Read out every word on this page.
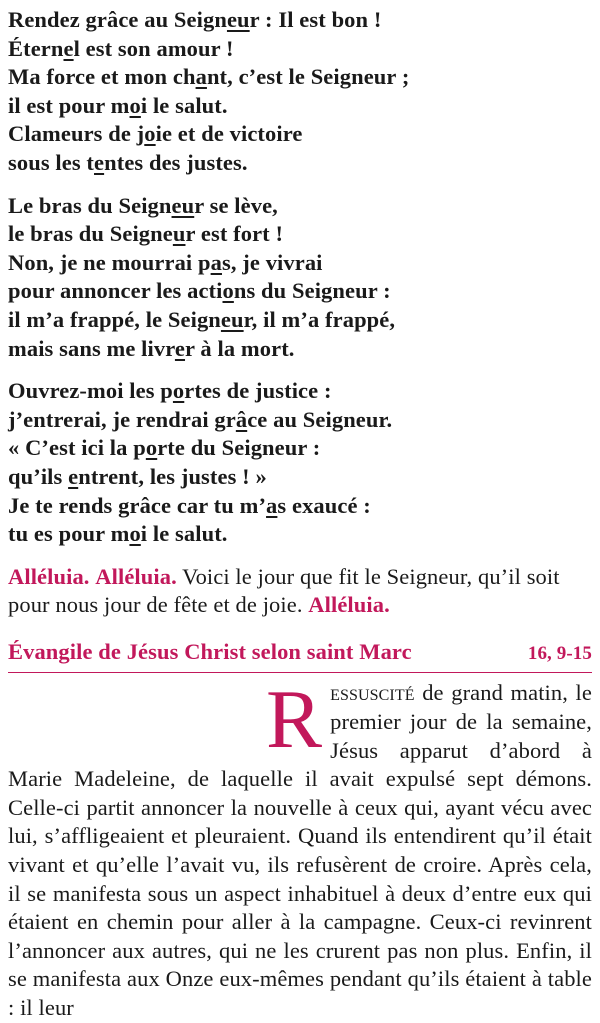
Rendez grâce au Seigneur : Il est bon !
Éternel est son amour !
Ma force et mon chant, c’est le Seigneur ;
il est pour moi le salut.
Clameurs de joie et de victoire
sous les tentes des justes.
Le bras du Seigneur se lève,
le bras du Seigneur est fort !
Non, je ne mourrai pas, je vivrai
pour annoncer les actions du Seigneur :
il m’a frappé, le Seigneur, il m’a frappé,
mais sans me livrer à la mort.
Ouvrez-moi les portes de justice :
j’entrerai, je rendrai grâce au Seigneur.
« C’est ici la porte du Seigneur :
qu’ils entrent, les justes ! »
Je te rends grâce car tu m’as exaucé :
tu es pour moi le salut.
Alléluia. Alléluia. Voici le jour que fit le Seigneur, qu’il soit pour nous jour de fête et de joie. Alléluia.
Évangile de Jésus Christ selon saint Marc	16, 9-15
Ressuscité de grand matin, le premier jour de la semaine, Jésus apparut d’abord à Marie Madeleine, de laquelle il avait expulsé sept démons. Celle-ci partit annoncer la nouvelle à ceux qui, ayant vécu avec lui, s’affligeaient et pleuraient. Quand ils entendirent qu’il était vivant et qu’elle l’avait vu, ils refusèrent de croire. Après cela, il se manifesta sous un aspect inhabituel à deux d’entre eux qui étaient en chemin pour aller à la campagne. Ceux-ci revinrent l’annoncer aux autres, qui ne les crurent pas non plus. Enfin, il se manifesta aux Onze eux-mêmes pendant qu’ils étaient à table : il leur
